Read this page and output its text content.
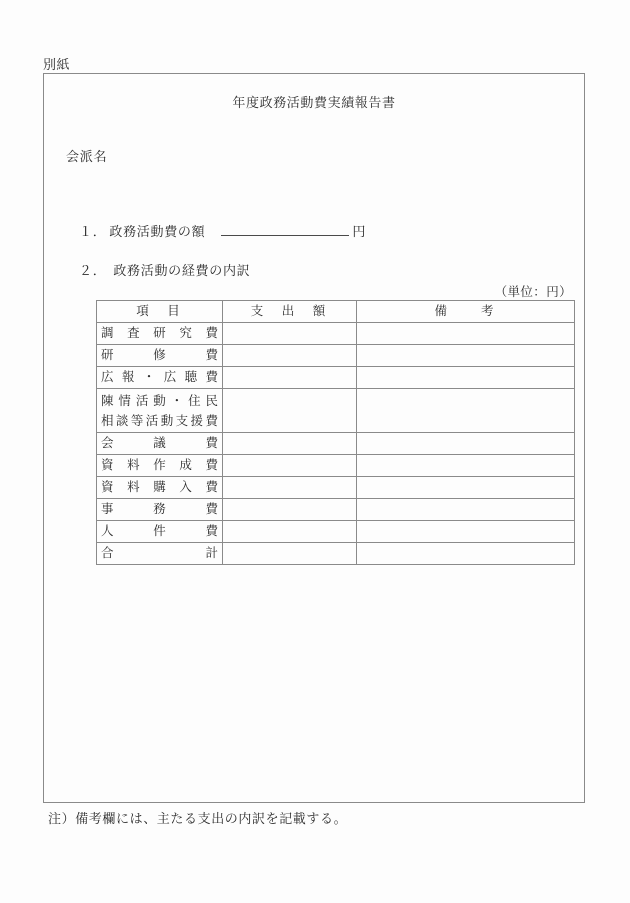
別紙
年度政務活動費実績報告書
会派名
１． 政務活動費の額	円
２． 政務活動の経費の内訳
（単位：円）
項　目	支　出　額	備　　考
調査研究費		
研修費		
広報・広聴費		

陳情活動・住民
相談等活動支援費		

会議費		
資料作成費		
資料購入費		
事務費		
人件費		
合計		
注）備考欄には、主たる支出の内訳を記載する。
